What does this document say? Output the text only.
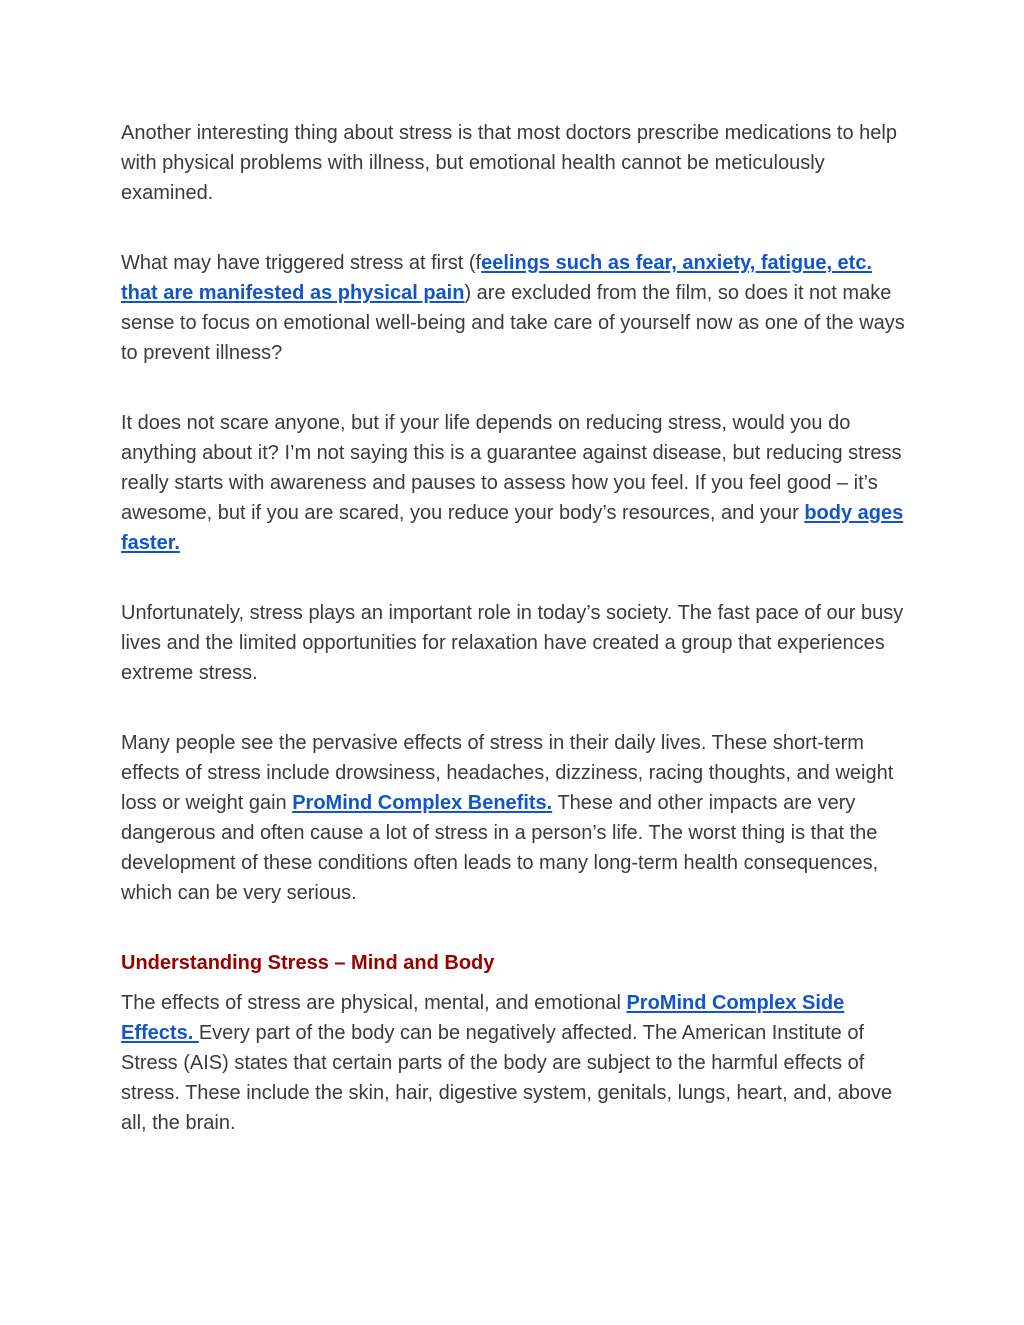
Another interesting thing about stress is that most doctors prescribe medications to help with physical problems with illness, but emotional health cannot be meticulously examined.

What may have triggered stress at first (feelings such as fear, anxiety, fatigue, etc. that are manifested as physical pain) are excluded from the film, so does it not make sense to focus on emotional well-being and take care of yourself now as one of the ways to prevent illness?

It does not scare anyone, but if your life depends on reducing stress, would you do anything about it? I’m not saying this is a guarantee against disease, but reducing stress really starts with awareness and pauses to assess how you feel. If you feel good – it’s awesome, but if you are scared, you reduce your body’s resources, and your body ages faster.

Unfortunately, stress plays an important role in today’s society. The fast pace of our busy lives and the limited opportunities for relaxation have created a group that experiences extreme stress.

Many people see the pervasive effects of stress in their daily lives. These short-term effects of stress include drowsiness, headaches, dizziness, racing thoughts, and weight loss or weight gain ProMind Complex Benefits. These and other impacts are very dangerous and often cause a lot of stress in a person’s life. The worst thing is that the development of these conditions often leads to many long-term health consequences, which can be very serious.

Understanding Stress – Mind and Body

The effects of stress are physical, mental, and emotional ProMind Complex Side Effects. Every part of the body can be negatively affected. The American Institute of Stress (AIS) states that certain parts of the body are subject to the harmful effects of stress. These include the skin, hair, digestive system, genitals, lungs, heart, and, above all, the brain.
